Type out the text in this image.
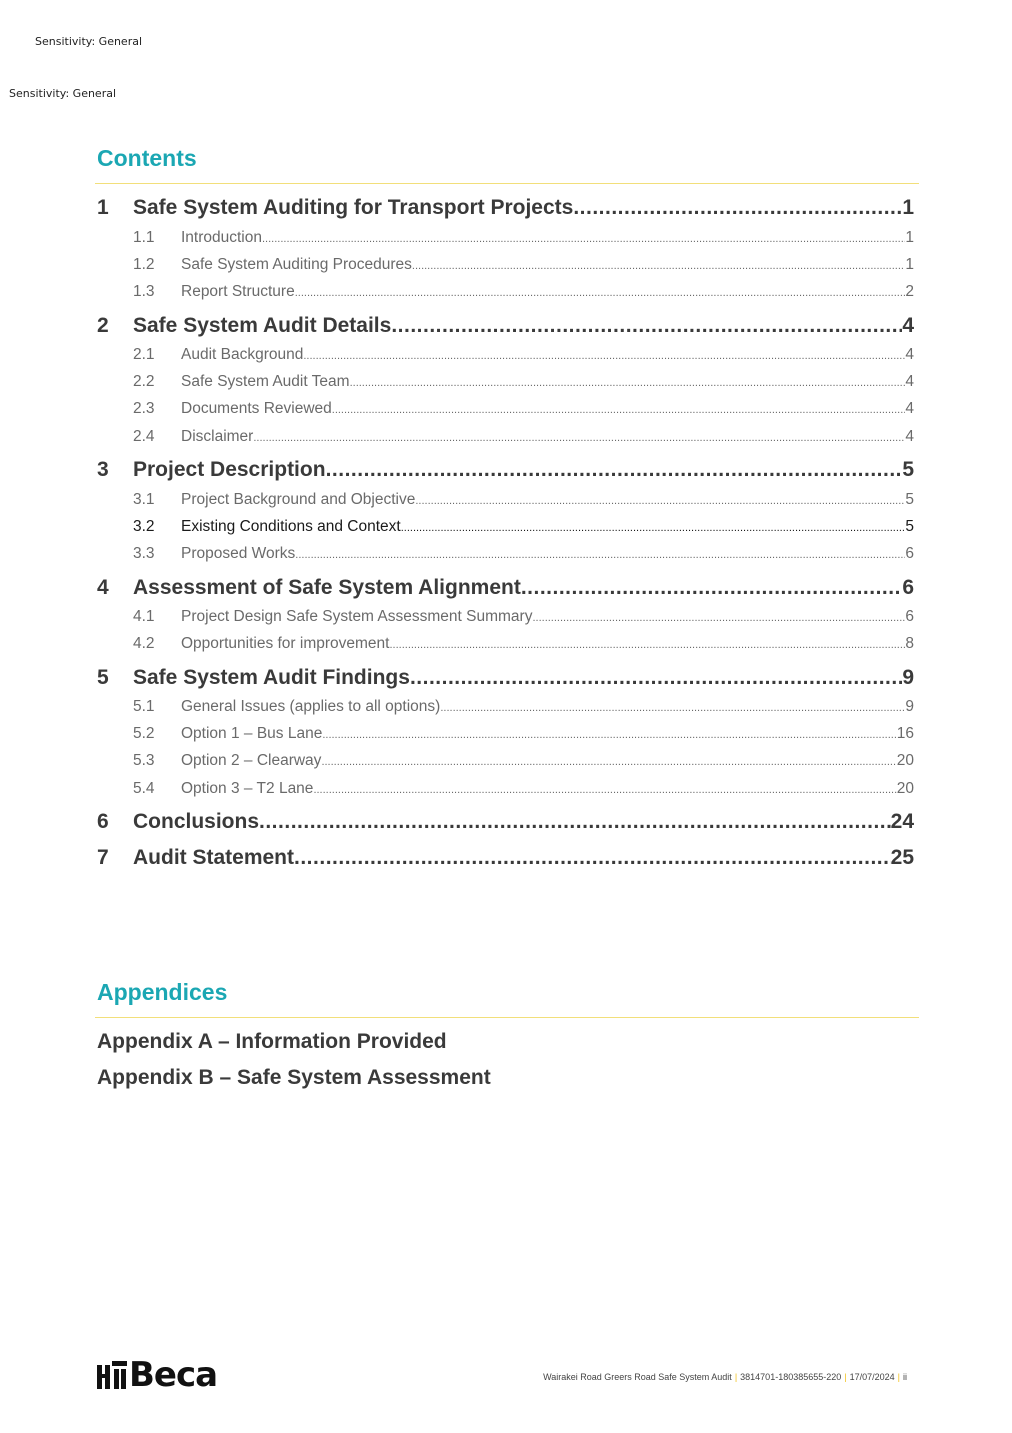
Sensitivity: General
Sensitivity: General
Contents
1	Safe System Auditing for Transport Projects .....	1
1.1	Introduction .....	1
1.2	Safe System Auditing Procedures .....	1
1.3	Report Structure .....	2
2	Safe System Audit Details .....	4
2.1	Audit Background .....	4
2.2	Safe System Audit Team .....	4
2.3	Documents Reviewed .....	4
2.4	Disclaimer .....	4
3	Project Description .....	5
3.1	Project Background and Objective .....	5
3.2	Existing Conditions and Context .....	5
3.3	Proposed Works .....	6
4	Assessment of Safe System Alignment .....	6
4.1	Project Design Safe System Assessment Summary .....	6
4.2	Opportunities for improvement .....	8
5	Safe System Audit Findings .....	9
5.1	General Issues (applies to all options) .....	9
5.2	Option 1 – Bus Lane .....	16
5.3	Option 2 – Clearway .....	20
5.4	Option 3 – T2 Lane .....	20
6	Conclusions .....	24
7	Audit Statement .....	25
Appendices
Appendix A – Information Provided
Appendix B – Safe System Assessment
Beca	Wairakei Road Greers Road Safe System Audit | 3814701-180385655-220 | 17/07/2024 | ii
